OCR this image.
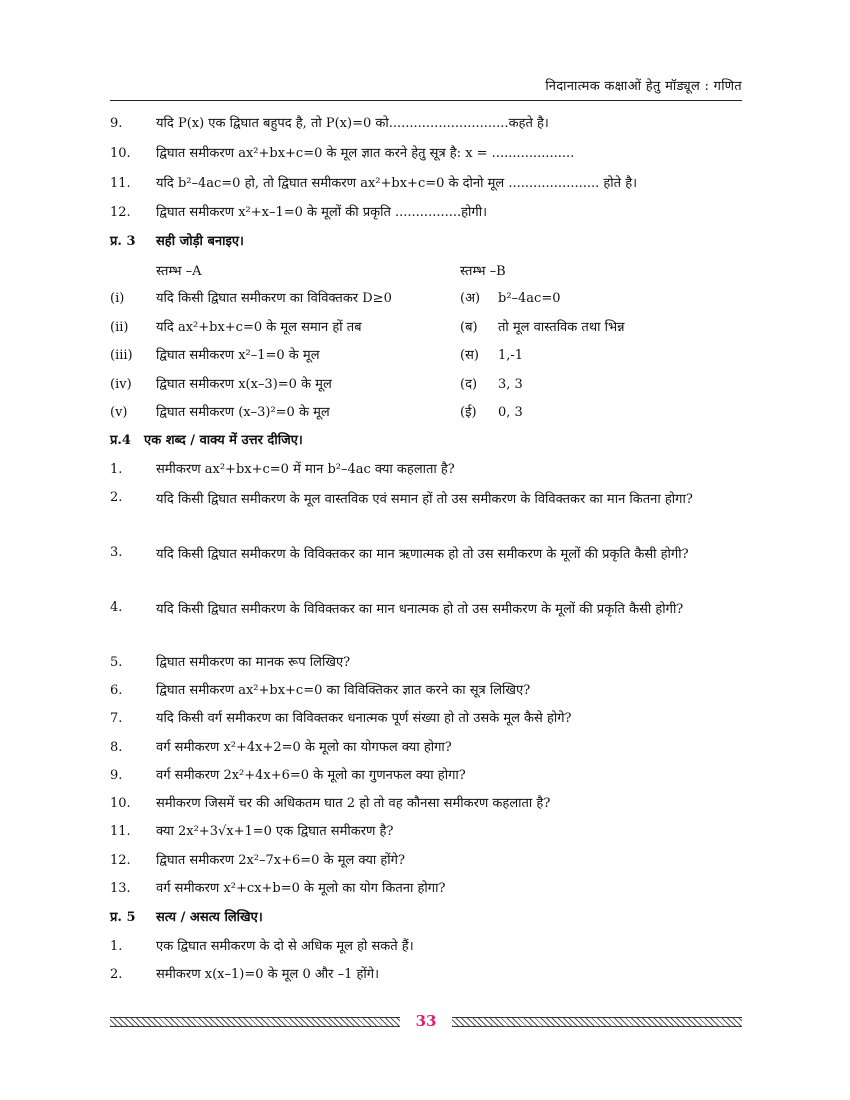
निदानात्मक कक्षाओं हेतु मॉड्यूल : गणित
9.	यदि P(x) एक द्विघात बहुपद है, तो P(x)=0 को.............................कहते है।
10.	द्विघात समीकरण ax²+bx+c=0 के मूल ज्ञात करने हेतु सूत्र है: x = ....................
11.	यदि b²–4ac=0 हो, तो द्विघात समीकरण ax²+bx+c=0 के दोनो मूल ...................... होते है।
12.	द्विघात समीकरण x²+x–1=0 के मूलों की प्रकृति ................होगी।
प्र. 3	सही जोड़ी बनाइए।
स्तम्भ –A	स्तम्भ –B
(i)	यदि किसी द्विघात समीकरण का विविक्तकर D≥0	(अ) b²–4ac=0
(ii)	यदि ax²+bx+c=0 के मूल समान हों तब	(ब) तो मूल वास्तविक तथा भिन्न
(iii)	द्विघात समीकरण x²–1=0 के मूल	(स) 1,-1
(iv)	द्विघात समीकरण x(x–3)=0 के मूल	(द) 3, 3
(v)	द्विघात समीकरण (x–3)²=0 के मूल	(ई) 0, 3
प्र.4	एक शब्द / वाक्य में उत्तर दीजिए।
1.	समीकरण ax²+bx+c=0 में मान b²–4ac क्या कहलाता है?
2.	यदि किसी द्विघात समीकरण के मूल वास्तविक एवं समान हों तो उस समीकरण के विविक्तकर का मान कितना होगा?
3.	यदि किसी द्विघात समीकरण के विविक्तकर का मान ऋणात्मक हो तो उस समीकरण के मूलों की प्रकृति कैसी होगी?
4.	यदि किसी द्विघात समीकरण के विविक्तकर का मान धनात्मक हो तो उस समीकरण के मूलों की प्रकृति कैसी होगी?
5.	द्विघात समीकरण का मानक रूप लिखिए?
6.	द्विघात समीकरण ax²+bx+c=0 का विविक्तिकर ज्ञात करने का सूत्र लिखिए?
7.	यदि किसी वर्ग समीकरण का विविक्तकर धनात्मक पूर्ण संख्या हो तो उसके मूल कैसे होगे?
8.	वर्ग समीकरण x²+4x+2=0 के मूलो का योगफल क्या होगा?
9.	वर्ग समीकरण 2x²+4x+6=0 के मूलो का गुणनफल क्या होगा?
10.	समीकरण जिसमें चर की अधिकतम घात 2 हो तो वह कौनसा समीकरण कहलाता है?
11.	क्या 2x²+3√x+1=0 एक द्विघात समीकरण है?
12.	द्विघात समीकरण 2x²–7x+6=0 के मूल क्या होंगे?
13.	वर्ग समीकरण x²+cx+b=0 के मूलो का योग कितना होगा?
प्र. 5	सत्य / असत्य लिखिए।
1.	एक द्विघात समीकरण के दो से अधिक मूल हो सकते हैं।
2.	समीकरण x(x–1)=0 के मूल 0 और –1 होंगे।
33
